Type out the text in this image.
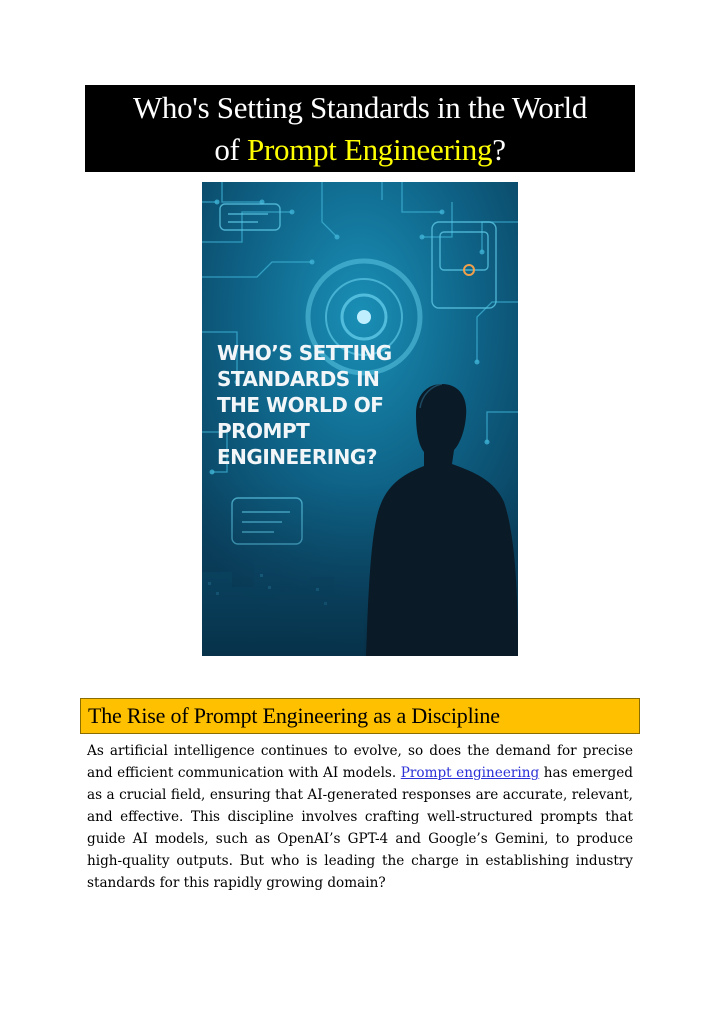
Who's Setting Standards in the World
of Prompt Engineering?
WHO’S SETTING
STANDARDS IN
THE WORLD OF
PROMPT
ENGINEERING?
The Rise of Prompt Engineering as a Discipline

As artificial intelligence continues to evolve, so does the demand for precise and efficient communication with AI models. Prompt engineering has emerged as a crucial field, ensuring that AI-generated responses are accurate, relevant, and effective. This discipline involves crafting well-structured prompts that guide AI models, such as OpenAI’s GPT-4 and Google’s Gemini, to produce high-quality outputs. But who is leading the charge in establishing industry standards for this rapidly growing domain?
